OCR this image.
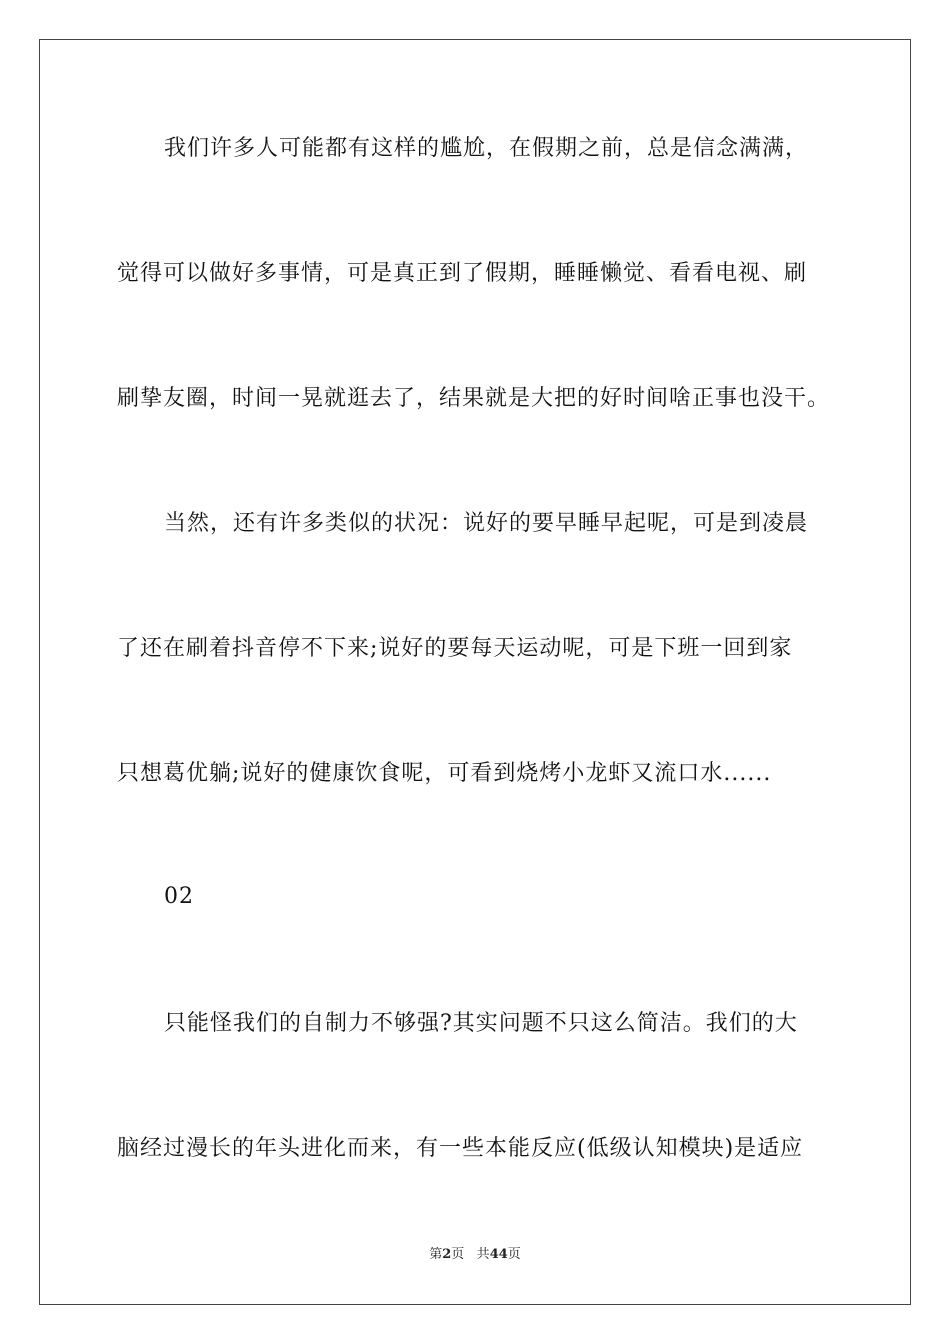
我们许多人可能都有这样的尴尬，在假期之前，总是信念满满，
觉得可以做好多事情，可是真正到了假期，睡睡懒觉、看看电视、刷
刷挚友圈，时间一晃就逛去了，结果就是大把的好时间啥正事也没干。
当然，还有许多类似的状况：说好的要早睡早起呢，可是到凌晨
了还在刷着抖音停不下来;说好的要每天运动呢，可是下班一回到家
只想葛优躺;说好的健康饮食呢，可看到烧烤小龙虾又流口水......
02
只能怪我们的自制力不够强?其实问题不只这么简洁。我们的大
脑经过漫长的年头进化而来，有一些本能反应(低级认知模块)是适应
第2页 共44页
